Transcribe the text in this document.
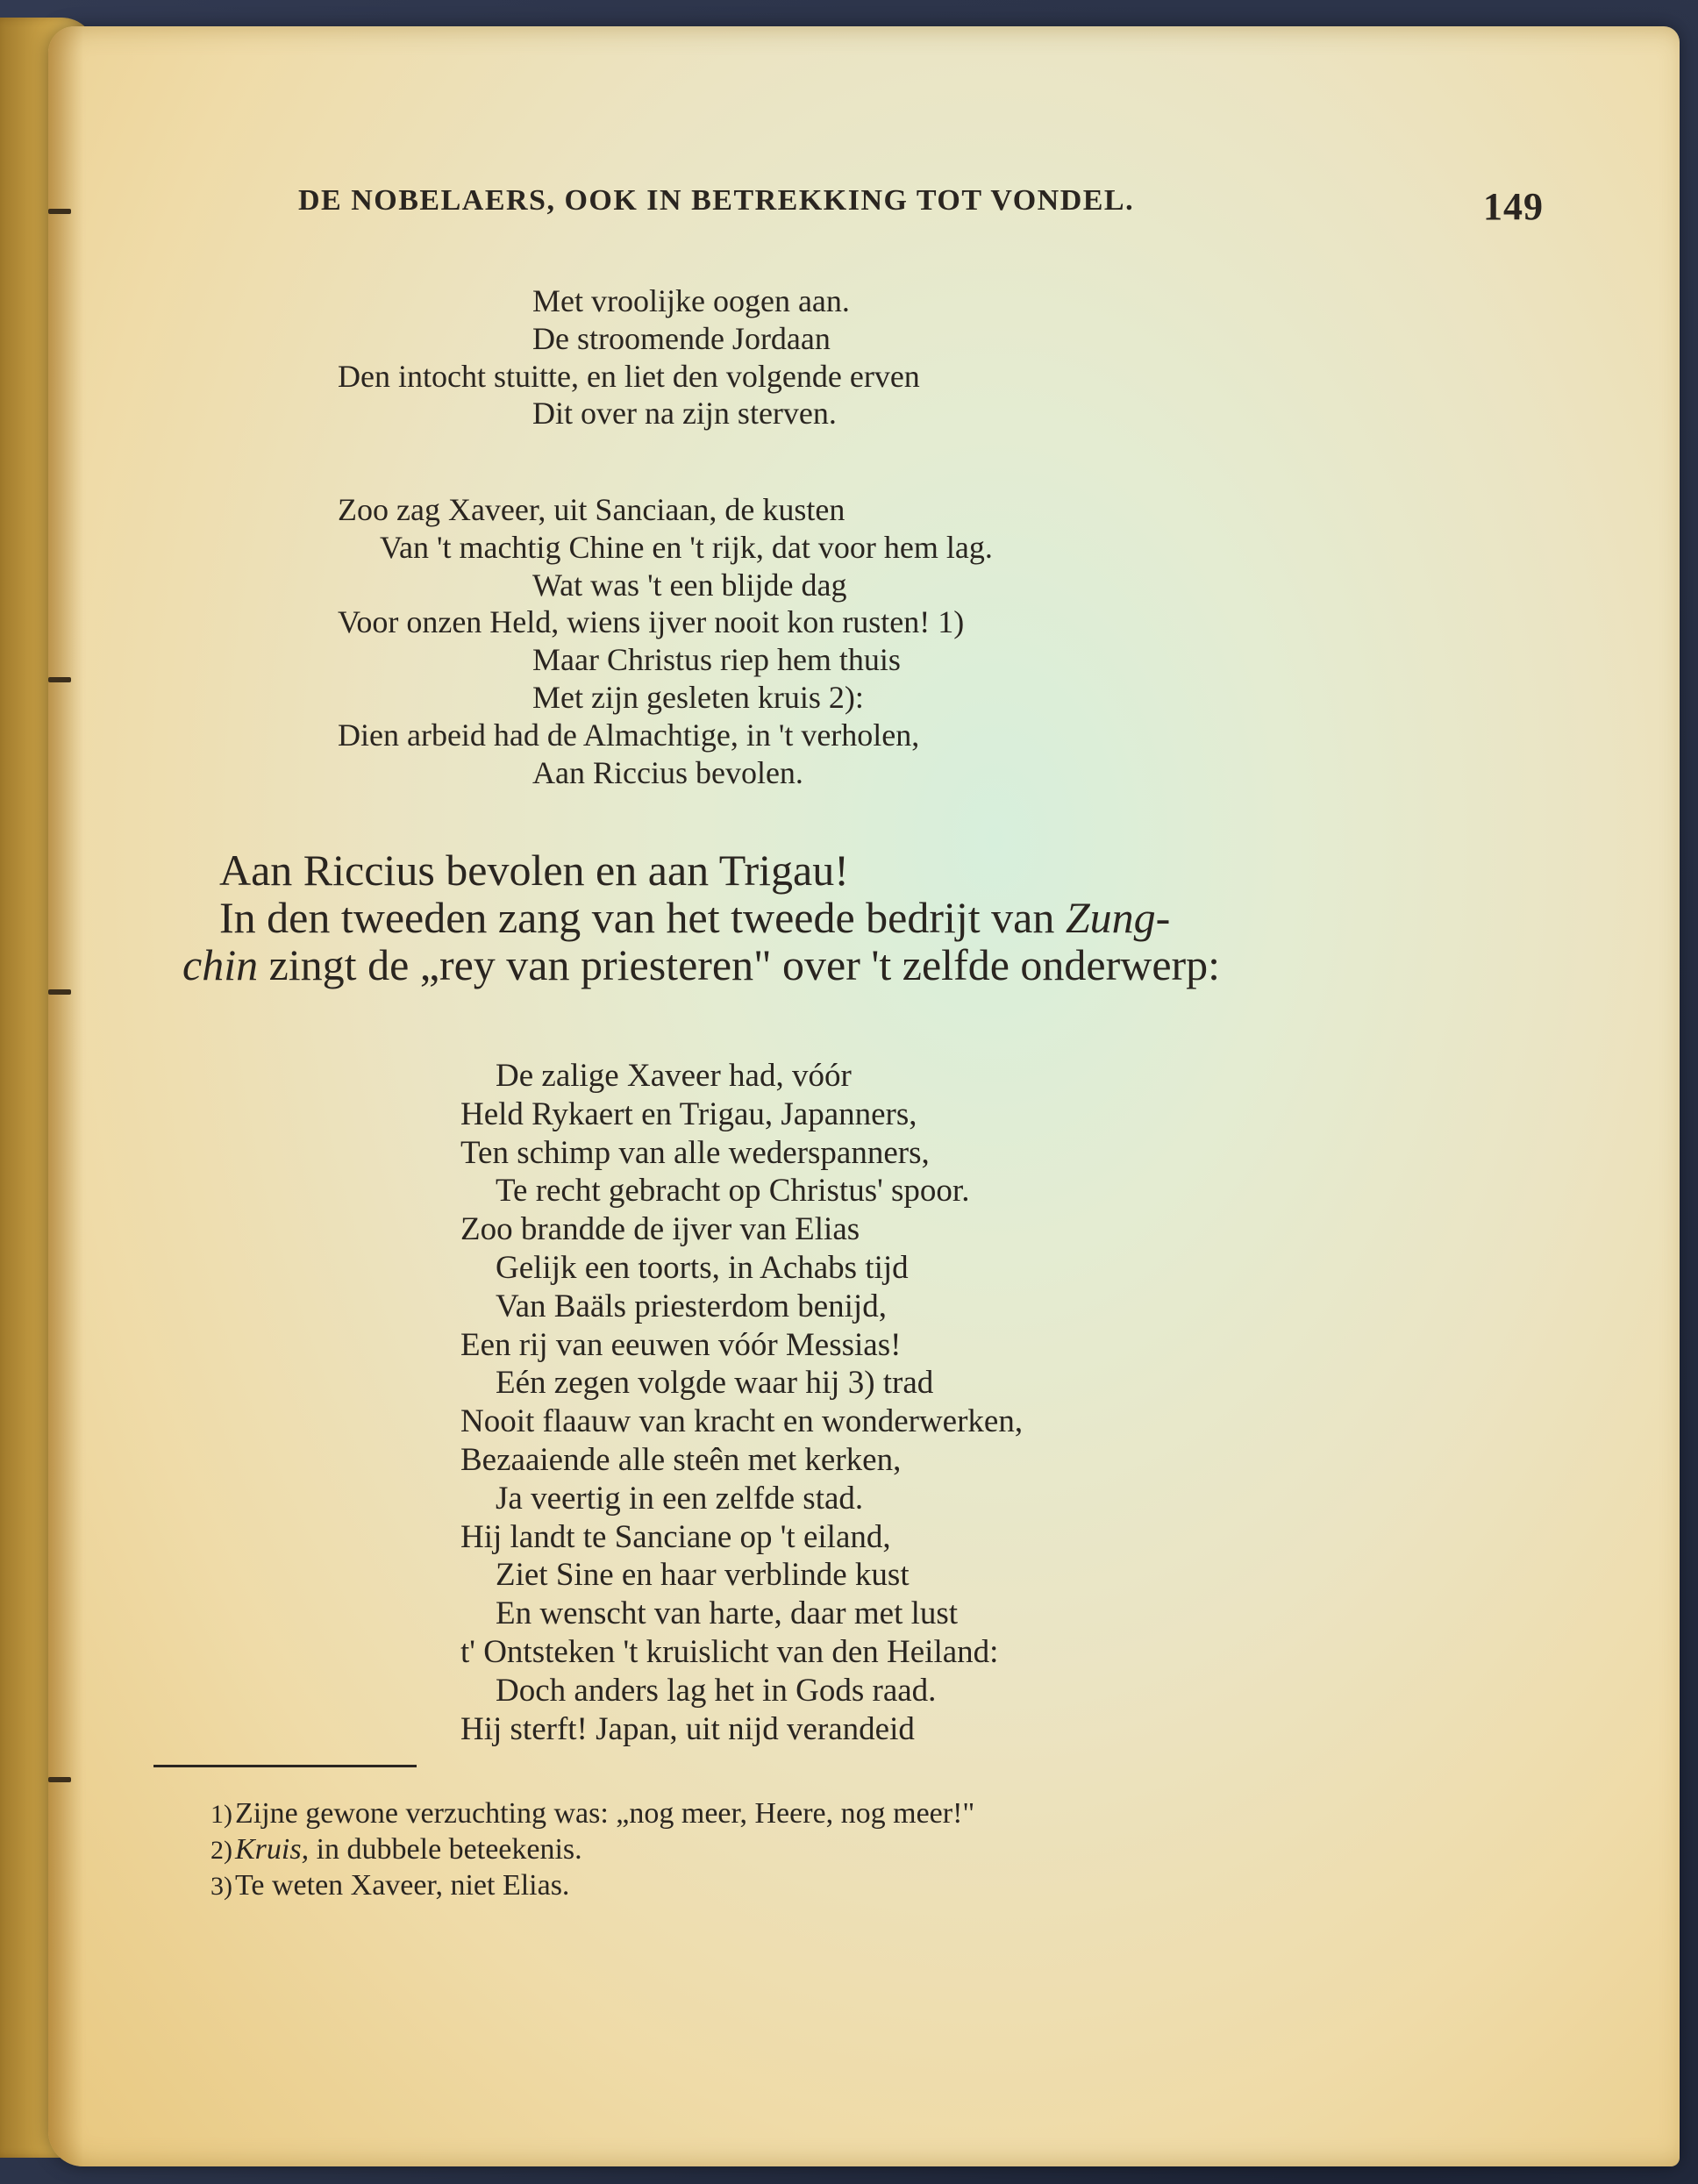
DE NOBELAERS, OOK IN BETREKKING TOT VONDEL.	149
Met vroolijke oogen aan.
De stroomende Jordaan
Den intocht stuitte, en liet den volgende erven
Dit over na zijn sterven.
Zoo zag Xaveer, uit Sanciaan, de kusten
Van 't machtig Chine en 't rijk, dat voor hem lag.
Wat was 't een blijde dag
Voor onzen Held, wiens ijver nooit kon rusten! 1)
Maar Christus riep hem thuis
Met zijn gesleten kruis 2):
Dien arbeid had de Almachtige, in 't verholen,
Aan Riccius bevolen.

Aan Riccius bevolen en aan Trigau!

In den tweeden zang van het tweede bedrijt van Zung-

chin zingt de „rey van priesteren" over 't zelfde onderwerp:

De zalige Xaveer had, vóór
Held Rykaert en Trigau, Japanners,
Ten schimp van alle wederspanners,
Te recht gebracht op Christus' spoor.
Zoo brandde de ijver van Elias
Gelijk een toorts, in Achabs tijd
Van Baäls priesterdom benijd,
Een rij van eeuwen vóór Messias!
Eén zegen volgde waar hij 3) trad
Nooit flaauw van kracht en wonderwerken,
Bezaaiende alle steên met kerken,
Ja veertig in een zelfde stad.
Hij landt te Sanciane op 't eiland,
Ziet Sine en haar verblinde kust
En wenscht van harte, daar met lust
t' Ontsteken 't kruislicht van den Heiland:
Doch anders lag het in Gods raad.
Hij sterft! Japan, uit nijd verandeid
1)Zijne gewone verzuchting was: „nog meer, Heere, nog meer!"
2)Kruis, in dubbele beteekenis.
3)Te weten Xaveer, niet Elias.
